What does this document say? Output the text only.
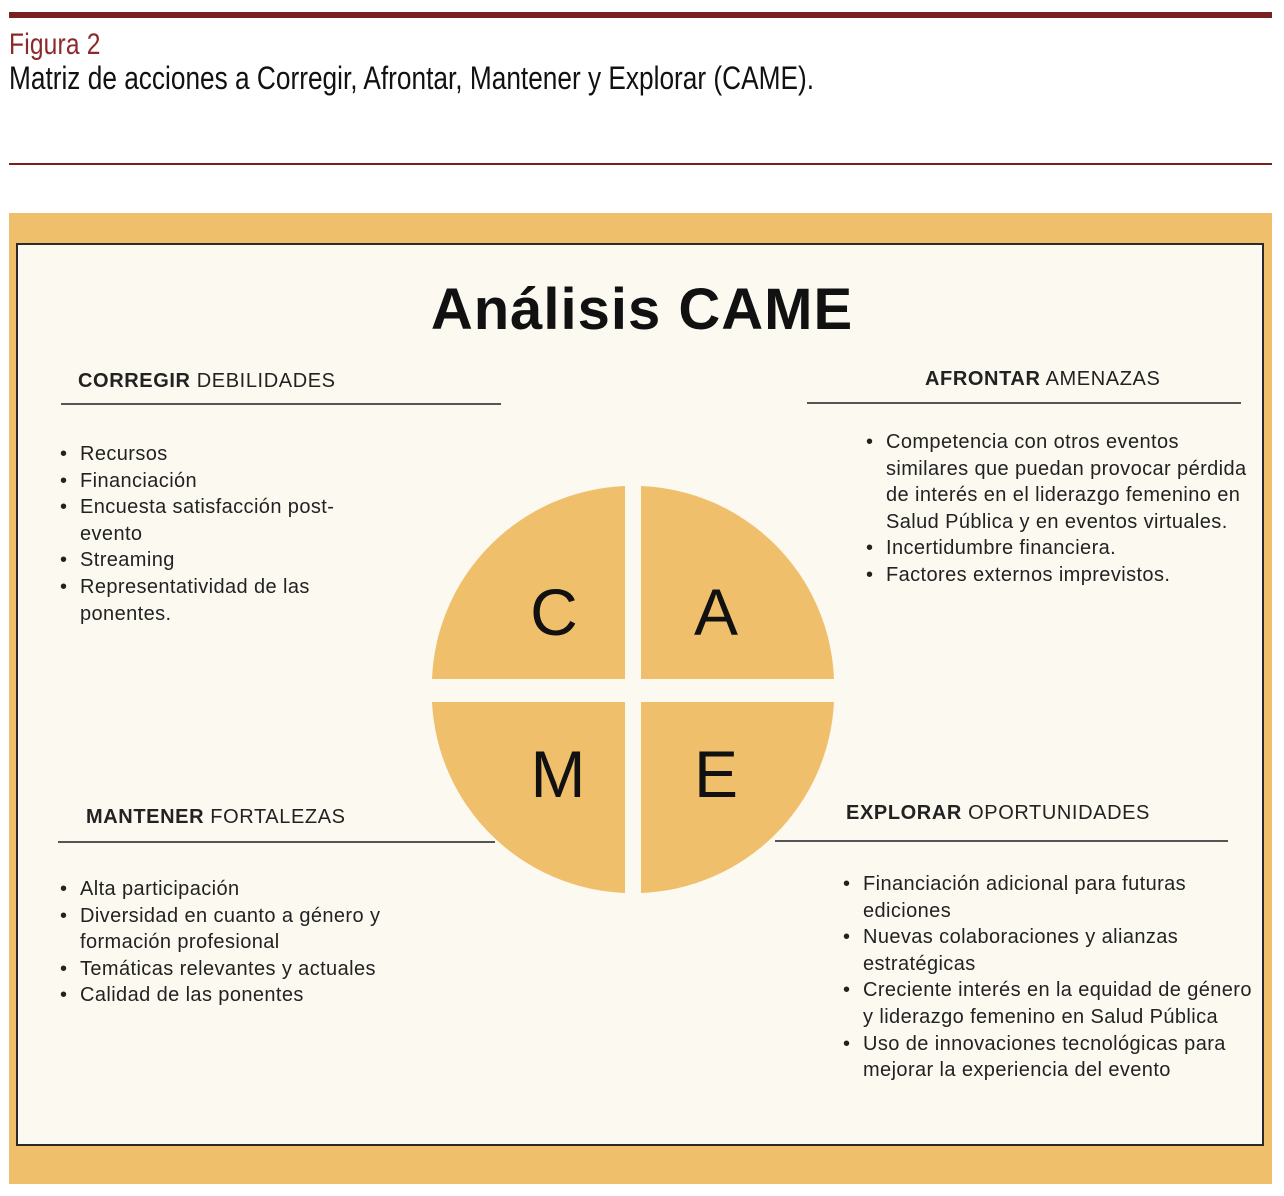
Figura 2
Matriz de acciones a Corregir, Afrontar, Mantener y Explorar (CAME).
Análisis CAME
C	A
M	E
CORREGIR DEBILIDADES
• Recursos
• Financiación
• Encuesta satisfacción post-evento
• Streaming
• Representatividad de las ponentes.
AFRONTAR AMENAZAS
• Competencia con otros eventos similares que puedan provocar pérdida de interés en el liderazgo femenino en Salud Pública y en eventos virtuales.
• Incertidumbre financiera.
• Factores externos imprevistos.
MANTENER FORTALEZAS
• Alta participación
• Diversidad en cuanto a género y formación profesional
• Temáticas relevantes y actuales
• Calidad de las ponentes
EXPLORAR OPORTUNIDADES
• Financiación adicional para futuras ediciones
• Nuevas colaboraciones y alianzas estratégicas
• Creciente interés en la equidad de género y liderazgo femenino en Salud Pública
• Uso de innovaciones tecnológicas para mejorar la experiencia del evento
